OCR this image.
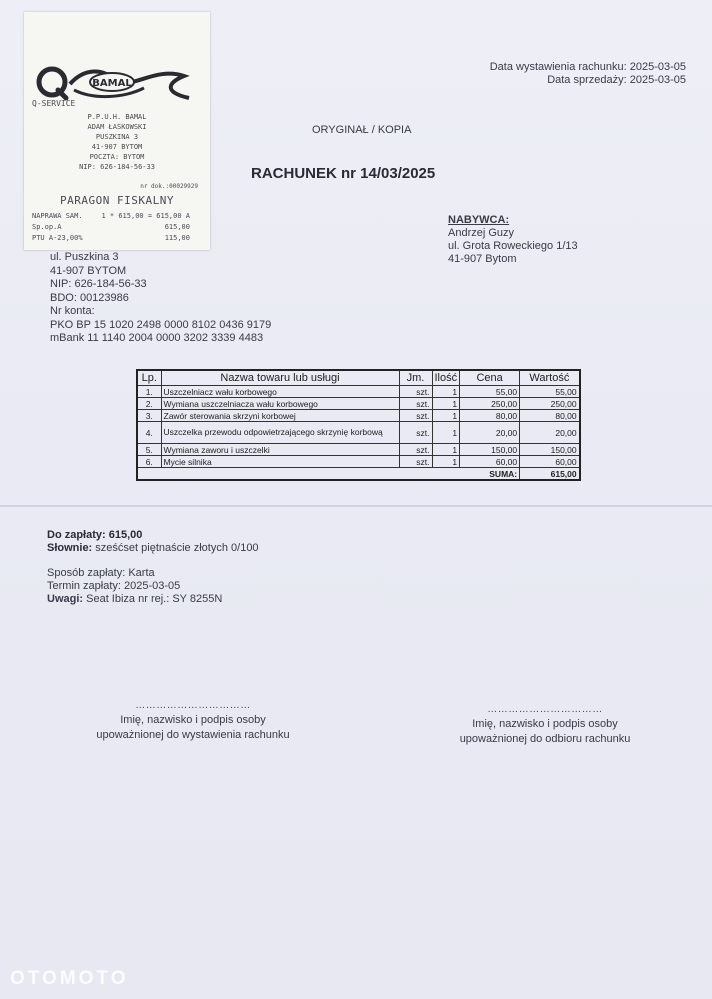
Data wystawienia rachunku: 2025-03-05
Data sprzedaży: 2025-03-05
ORYGINAŁ / KOPIA
RACHUNEK nr 14/03/2025
NABYWCA:
Andrzej Guzy
ul. Grota Roweckiego 1/13
41-907 Bytom
ul. Puszkina 3
41-907 BYTOM
NIP: 626-184-56-33
BDO: 00123986
Nr konta:
PKO BP 15 1020 2498 0000 8102 0436 9179
mBank 11 1140 2004 0000 3202 3339 4483
BAMAL
Q-SERVICE
P.P.U.H. BAMAL
ADAM ŁASKOWSKI
PUSZKINA 3
41-907 BYTOM
POCZTA: BYTOM
NIP: 626-184-56-33
nr dok.:00029929
PARAGON FISKALNY
NAPRAWA SAM.	1 * 615,00 = 615,00 A
Sp.op.A	615,00
PTU A-23,00%	115,00
Lp.	Nazwa towaru lub usługi	Jm.	Ilość	Cena	Wartość
1.	Uszczelniacz wału korbowego	szt.	1	55,00	55,00
2.	Wymiana uszczelniacza wału korbowego	szt.	1	250,00	250,00
3.	Zawór sterowania skrzyni korbowej	szt.	1	80,00	80,00
4.	Uszczelka przewodu odpowietrzającego skrzynię korbową	szt.	1	20,00	20,00
5.	Wymiana zaworu i uszczelki	szt.	1	150,00	150,00
6.	Mycie silnika	szt.	1	60,00	60,00
SUMA:					615,00
Do zapłaty: 615,00
Słownie: sześćset piętnaście złotych 0/100
Sposób zapłaty: Karta
Termin zapłaty: 2025-03-05
Uwagi: Seat Ibiza nr rej.: SY 8255N
……………………………
Imię, nazwisko i podpis osoby
upoważnionej do wystawienia rachunku
……………………………
Imię, nazwisko i podpis osoby
upoważnionej do odbioru rachunku
OTOMOTO
